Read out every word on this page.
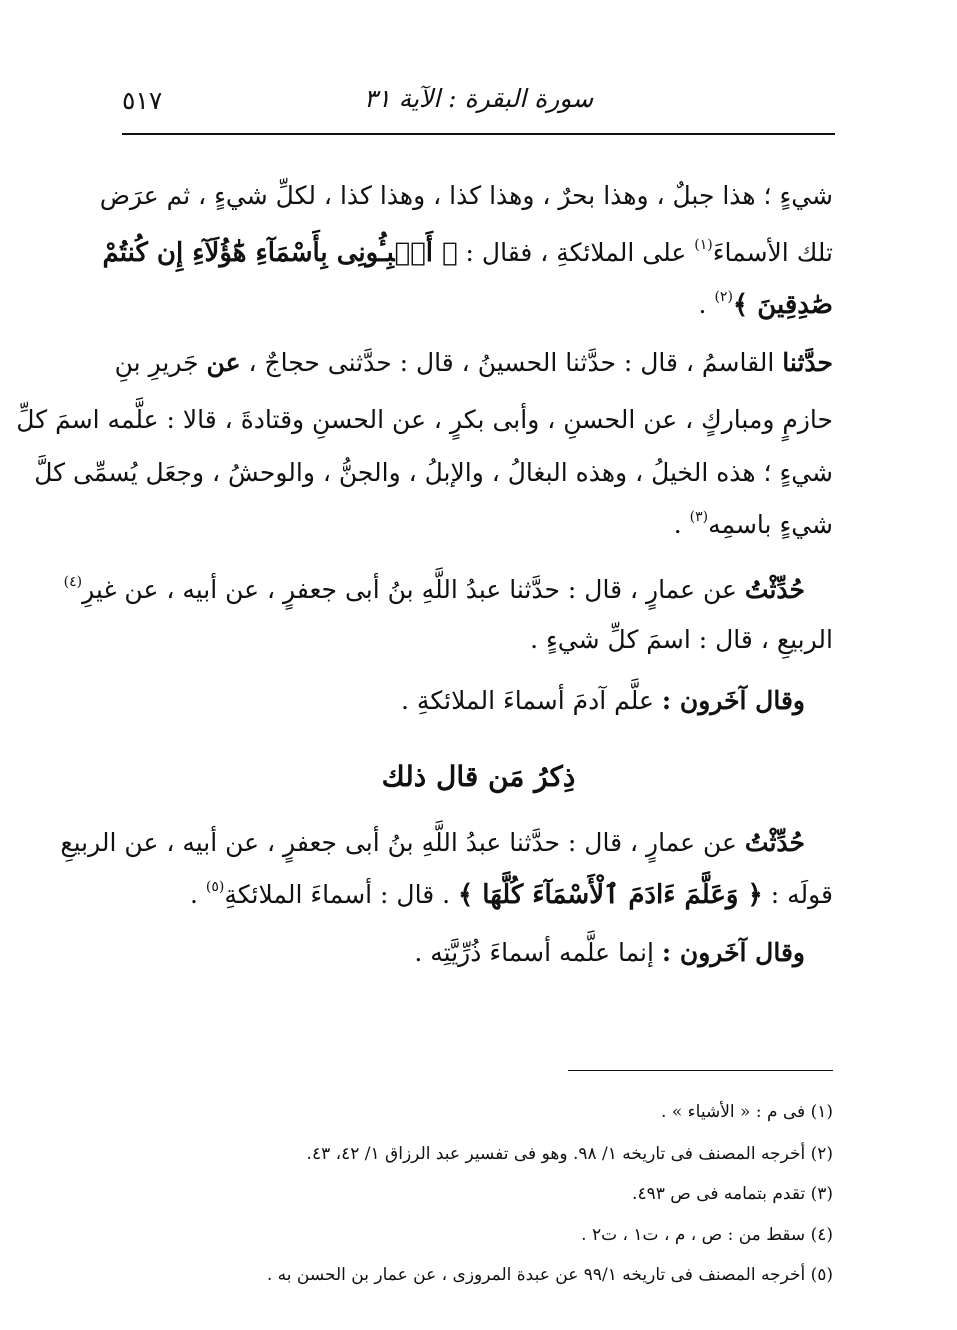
٥١٧	سورة البقرة : الآية ٣١
شيءٍ ؛ هذا جبلٌ ، وهذا بحرٌ ، وهذا كذا ، وهذا كذا ، لكلِّ شيءٍ ، ثم عرَض
تلك الأسماءَ$^{(١)}$ على الملائكةِ ، فقال : ﴿ أَنۢبِـُٔونِى بِأَسْمَآءِ هَٰٓؤُلَآءِ إِن كُنتُمْ
صَٰدِقِينَ ﴾$^{(٢)}$ .
حدَّثنا القاسمُ ، قال : حدَّثنا الحسينُ ، قال : حدَّثنى حجاجٌ ، عن جَريرِ بنِ
حازمٍ ومباركٍ ، عن الحسنِ ، وأبى بكرٍ ، عن الحسنِ وقتادةَ ، قالا : علَّمه اسمَ كلِّ
شيءٍ ؛ هذه الخيلُ ، وهذه البغالُ ، والإبلُ ، والجنُّ ، والوحشُ ، وجعَل يُسمِّى كلَّ
شيءٍ باسمِه$^{(٣)}$ .
حُدِّثْتُ عن عمارٍ ، قال : حدَّثنا عبدُ اللَّهِ بنُ أبى جعفرٍ ، عن أبيه ، عن غيرِ$^{(٤)}$
الربيعِ ، قال : اسمَ كلِّ شيءٍ .
وقال آخَرون : علَّم آدمَ أسماءَ الملائكةِ .
ذِكرُ مَن قال ذلك
حُدِّثْتُ عن عمارٍ ، قال : حدَّثنا عبدُ اللَّهِ بنُ أبى جعفرٍ ، عن أبيه ، عن الربيعِ
قولَه : ﴿ وَعَلَّمَ ءَادَمَ ٱلْأَسْمَآءَ كُلَّهَا ﴾ . قال : أسماءَ الملائكةِ$^{(٥)}$ .
وقال آخَرون : إنما علَّمه أسماءَ ذُرِّيَّتِه .
(١) فى م : « الأشياء » .
(٢) أخرجه المصنف فى تاريخه ١/ ٩٨. وهو فى تفسير عبد الرزاق ١/ ٤٢، ٤٣.
(٣) تقدم بتمامه فى ص ٤٩٣.
(٤) سقط من : ص ، م ، ت١ ، ت٢ .
(٥) أخرجه المصنف فى تاريخه ٩٩/١ عن عبدة المروزى ، عن عمار بن الحسن به .
